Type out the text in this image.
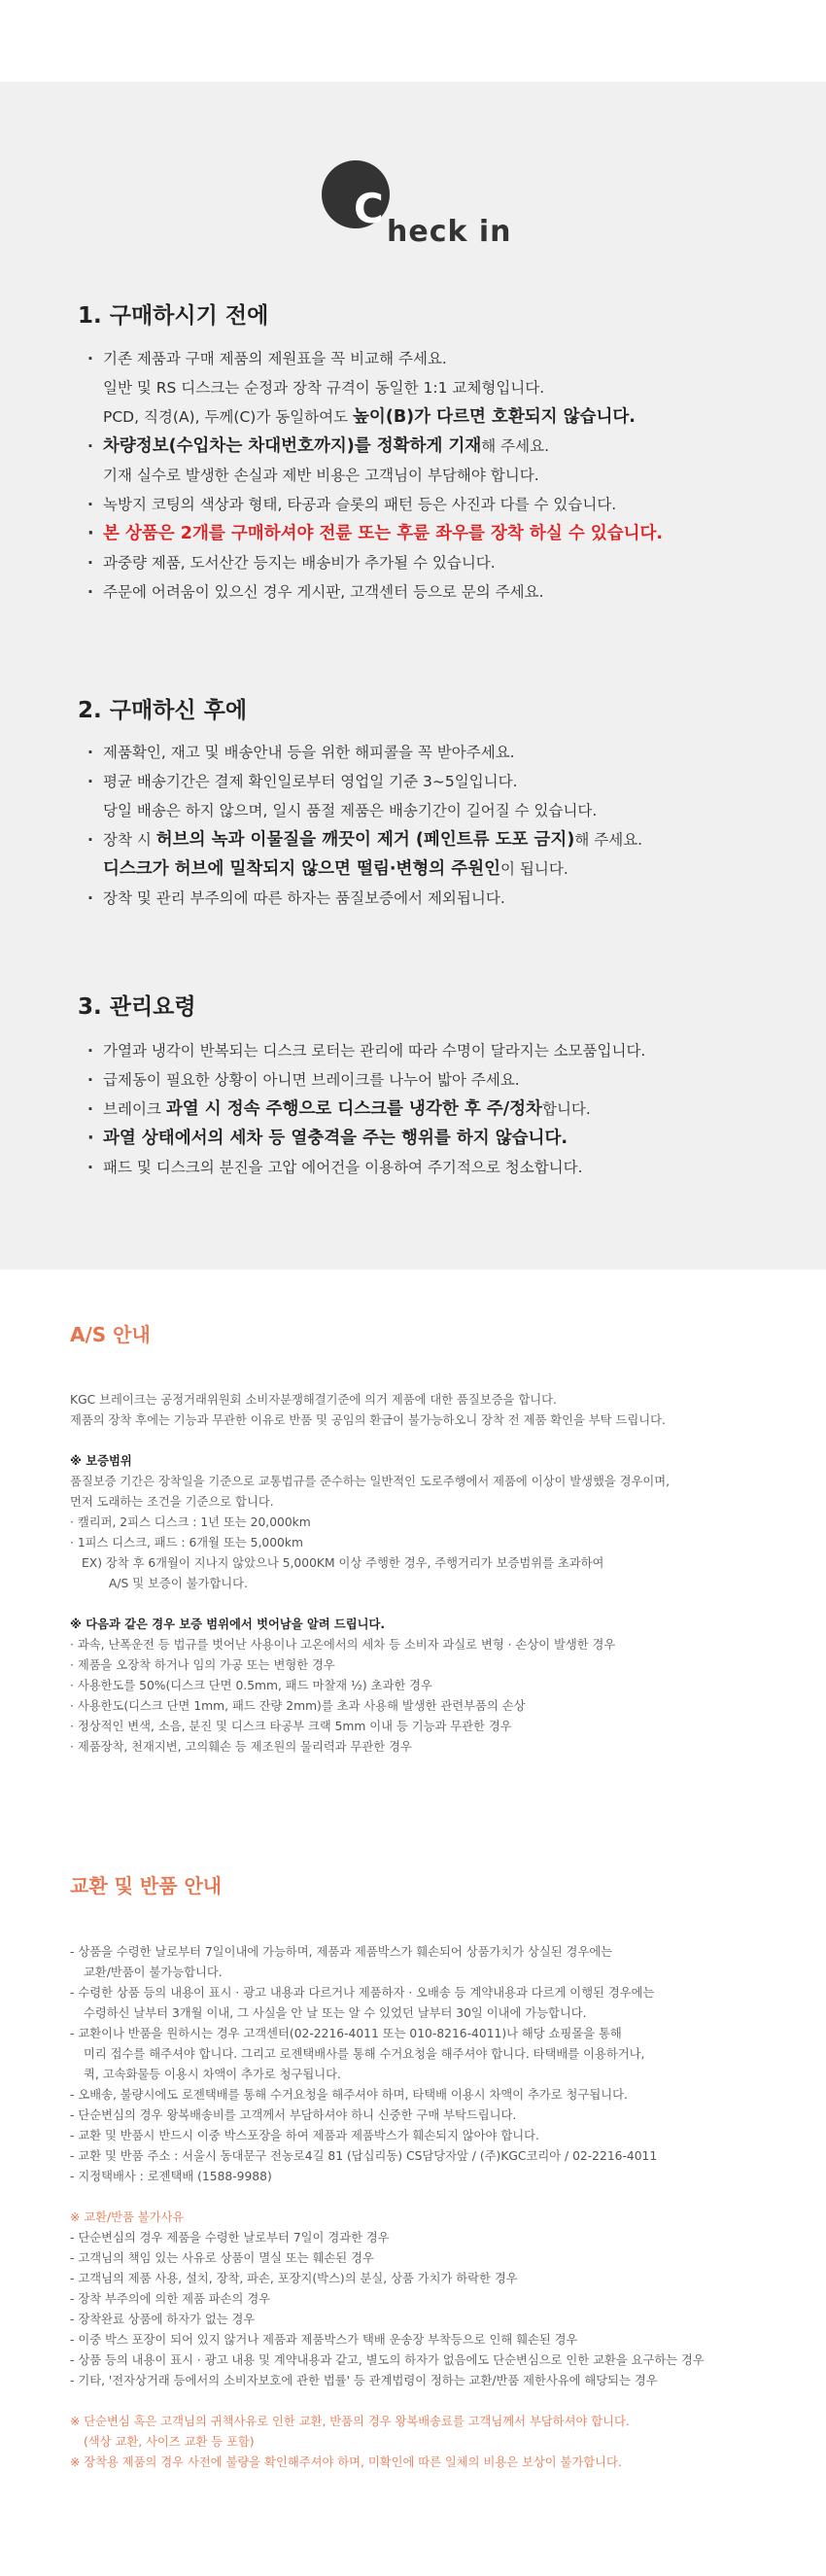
C heck in
1. 구매하시기 전에
· 기존 제품과 구매 제품의 제원표을 꼭 비교해 주세요.
일반 및 RS 디스크는 순정과 장착 규격이 동일한 1:1 교체형입니다.
PCD, 직경(A), 두께(C)가 동일하여도 높이(B)가 다르면 호환되지 않습니다.
· 차량정보(수입차는 차대번호까지)를 정확하게 기재해 주세요.
기재 실수로 발생한 손실과 제반 비용은 고객님이 부담해야 합니다.
· 녹방지 코팅의 색상과 형태, 타공과 슬롯의 패턴 등은 사진과 다를 수 있습니다.
· 본 상품은 2개를 구매하셔야 전륜 또는 후륜 좌우를 장착 하실 수 있습니다.
· 과중량 제품, 도서산간 등지는 배송비가 추가될 수 있습니다.
· 주문에 어려움이 있으신 경우 게시판, 고객센터 등으로 문의 주세요.
2. 구매하신 후에
· 제품확인, 재고 및 배송안내 등을 위한 해피콜을 꼭 받아주세요.
· 평균 배송기간은 결제 확인일로부터 영업일 기준 3~5일입니다.
당일 배송은 하지 않으며, 일시 품절 제품은 배송기간이 길어질 수 있습니다.
· 장착 시 허브의 녹과 이물질을 깨끗이 제거 (페인트류 도포 금지)해 주세요.
디스크가 허브에 밀착되지 않으면 떨림·변형의 주원인이 됩니다.
· 장착 및 관리 부주의에 따른 하자는 품질보증에서 제외됩니다.
3. 관리요령
· 가열과 냉각이 반복되는 디스크 로터는 관리에 따라 수명이 달라지는 소모품입니다.
· 급제동이 필요한 상황이 아니면 브레이크를 나누어 밟아 주세요.
· 브레이크 과열 시 정속 주행으로 디스크를 냉각한 후 주/정차합니다.
· 과열 상태에서의 세차 등 열충격을 주는 행위를 하지 않습니다.
· 패드 및 디스크의 분진을 고압 에어건을 이용하여 주기적으로 청소합니다.
A/S 안내
KGC 브레이크는 공정거래위원회 소비자분쟁해결기준에 의거 제품에 대한 품질보증을 합니다.
제품의 장착 후에는 기능과 무관한 이유로 반품 및 공임의 환급이 불가능하오니 장착 전 제품 확인을 부탁 드립니다.
※ 보증범위
품질보증 기간은 장착일을 기준으로 교통법규를 준수하는 일반적인 도로주행에서 제품에 이상이 발생했을 경우이며,
먼저 도래하는 조건을 기준으로 합니다.
· 캘리퍼, 2피스 디스크 : 1년 또는 20,000km
· 1피스 디스크, 패드 : 6개월 또는 5,000km
EX) 장착 후 6개월이 지나지 않았으나 5,000KM 이상 주행한 경우, 주행거리가 보증범위를 초과하여
A/S 및 보증이 불가합니다.
※ 다음과 같은 경우 보증 범위에서 벗어남을 알려 드립니다.
· 과속, 난폭운전 등 법규를 벗어난 사용이나 고온에서의 세차 등 소비자 과실로 변형 · 손상이 발생한 경우
· 제품을 오장착 하거나 임의 가공 또는 변형한 경우
· 사용한도를 50%(디스크 단면 0.5mm, 패드 마찰재 ½) 초과한 경우
· 사용한도(디스크 단면 1mm, 패드 잔량 2mm)를 초과 사용해 발생한 관련부품의 손상
· 정상적인 변색, 소음, 분진 및 디스크 타공부 크랙 5mm 이내 등 기능과 무관한 경우
· 제품장착, 천재지변, 고의훼손 등 제조원의 물리력과 무관한 경우
교환 및 반품 안내
- 상품을 수령한 날로부터 7일이내에 가능하며, 제품과 제품박스가 훼손되어 상품가치가 상실된 경우에는
교환/반품이 불가능합니다.
- 수령한 상품 등의 내용이 표시 · 광고 내용과 다르거나 제품하자 · 오배송 등 계약내용과 다르게 이행된 경우에는
수령하신 날부터 3개월 이내, 그 사실을 안 날 또는 알 수 있었던 날부터 30일 이내에 가능합니다.
- 교환이나 반품을 원하시는 경우 고객센터(02-2216-4011 또는 010-8216-4011)나 해당 쇼핑몰을 통해
미리 접수를 해주셔야 합니다. 그리고 로젠택배사를 통해 수거요청을 해주셔야 합니다. 타택배를 이용하거나,
퀵, 고속화물등 이용시 차액이 추가로 청구됩니다.
- 오배송, 불량시에도 로젠택배를 통해 수거요청을 해주셔야 하며, 타택배 이용시 차액이 추가로 청구됩니다.
- 단순변심의 경우 왕복배송비를 고객께서 부담하셔야 하니 신중한 구매 부탁드립니다.
- 교환 및 반품시 반드시 이중 박스포장을 하여 제품과 제품박스가 훼손되지 않아야 합니다.
- 교환 및 반품 주소 : 서울시 동대문구 전농로4길 81 (답십리동) CS담당자앞 / (주)KGC코리아 / 02-2216-4011
- 지정택배사 : 로젠택배 (1588-9988)
※ 교환/반품 불가사유
- 단순변심의 경우 제품을 수령한 날로부터 7일이 경과한 경우
- 고객님의 책임 있는 사유로 상품이 멸실 또는 훼손된 경우
- 고객님의 제품 사용, 설치, 장착, 파손, 포장지(박스)의 분실, 상품 가치가 하락한 경우
- 장착 부주의에 의한 제품 파손의 경우
- 장착완료 상품에 하자가 없는 경우
- 이중 박스 포장이 되어 있지 않거나 제품과 제품박스가 택배 운송장 부착등으로 인해 훼손된 경우
- 상품 등의 내용이 표시 · 광고 내용 및 계약내용과 같고, 별도의 하자가 없음에도 단순변심으로 인한 교환을 요구하는 경우
- 기타, '전자상거래 등에서의 소비자보호에 관한 법률' 등 관계법령이 정하는 교환/반품 제한사유에 해당되는 경우
※ 단순변심 혹은 고객님의 귀책사유로 인한 교환, 반품의 경우 왕복배송료를 고객님께서 부담하셔야 합니다.
(색상 교환, 사이즈 교환 등 포함)
※ 장착용 제품의 경우 사전에 불량을 확인해주셔야 하며, 미확인에 따른 일체의 비용은 보상이 불가합니다.
